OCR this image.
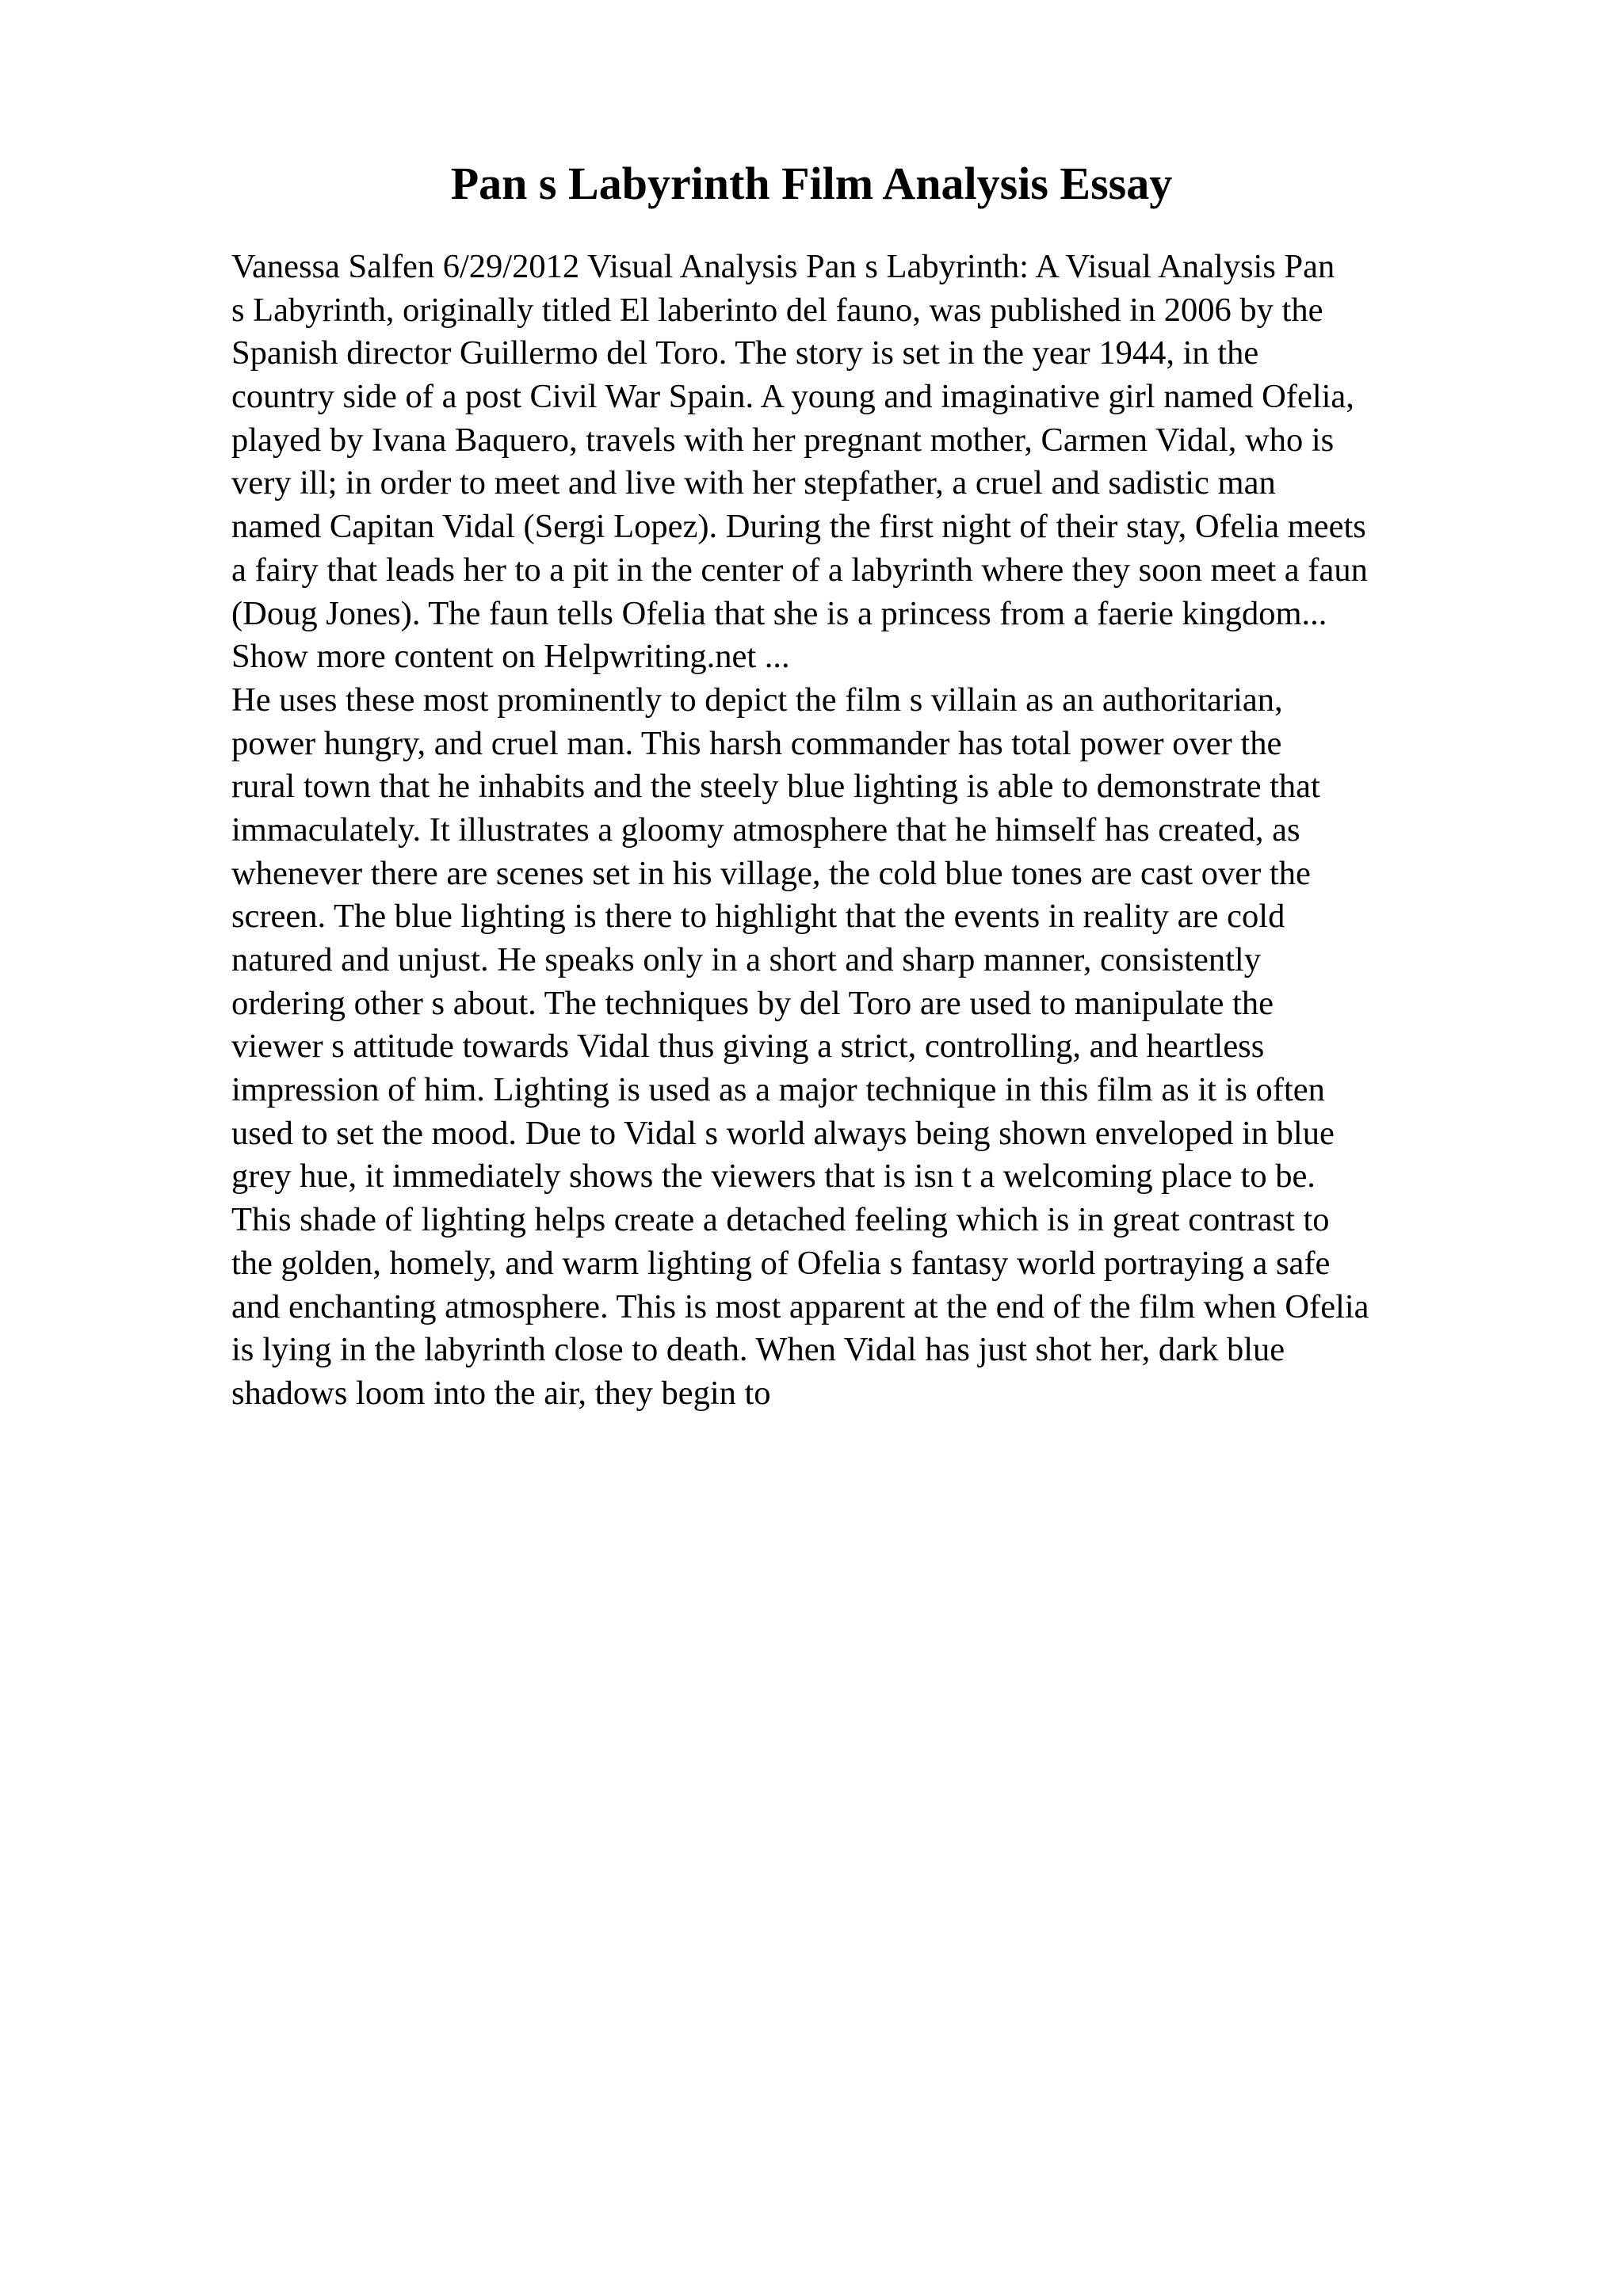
Pan s Labyrinth Film Analysis Essay
Vanessa Salfen 6/29/2012 Visual Analysis Pan s Labyrinth: A Visual Analysis Pan
s Labyrinth, originally titled El laberinto del fauno, was published in 2006 by the
Spanish director Guillermo del Toro. The story is set in the year 1944, in the
country side of a post Civil War Spain. A young and imaginative girl named Ofelia,
played by Ivana Baquero, travels with her pregnant mother, Carmen Vidal, who is
very ill; in order to meet and live with her stepfather, a cruel and sadistic man
named Capitan Vidal (Sergi Lopez). During the first night of their stay, Ofelia meets
a fairy that leads her to a pit in the center of a labyrinth where they soon meet a faun
(Doug Jones). The faun tells Ofelia that she is a princess from a faerie kingdom...
Show more content on Helpwriting.net ...
He uses these most prominently to depict the film s villain as an authoritarian,
power hungry, and cruel man. This harsh commander has total power over the
rural town that he inhabits and the steely blue lighting is able to demonstrate that
immaculately. It illustrates a gloomy atmosphere that he himself has created, as
whenever there are scenes set in his village, the cold blue tones are cast over the
screen. The blue lighting is there to highlight that the events in reality are cold
natured and unjust. He speaks only in a short and sharp manner, consistently
ordering other s about. The techniques by del Toro are used to manipulate the
viewer s attitude towards Vidal thus giving a strict, controlling, and heartless
impression of him. Lighting is used as a major technique in this film as it is often
used to set the mood. Due to Vidal s world always being shown enveloped in blue
grey hue, it immediately shows the viewers that is isn t a welcoming place to be.
This shade of lighting helps create a detached feeling which is in great contrast to
the golden, homely, and warm lighting of Ofelia s fantasy world portraying a safe
and enchanting atmosphere. This is most apparent at the end of the film when Ofelia
is lying in the labyrinth close to death. When Vidal has just shot her, dark blue
shadows loom into the air, they begin to
